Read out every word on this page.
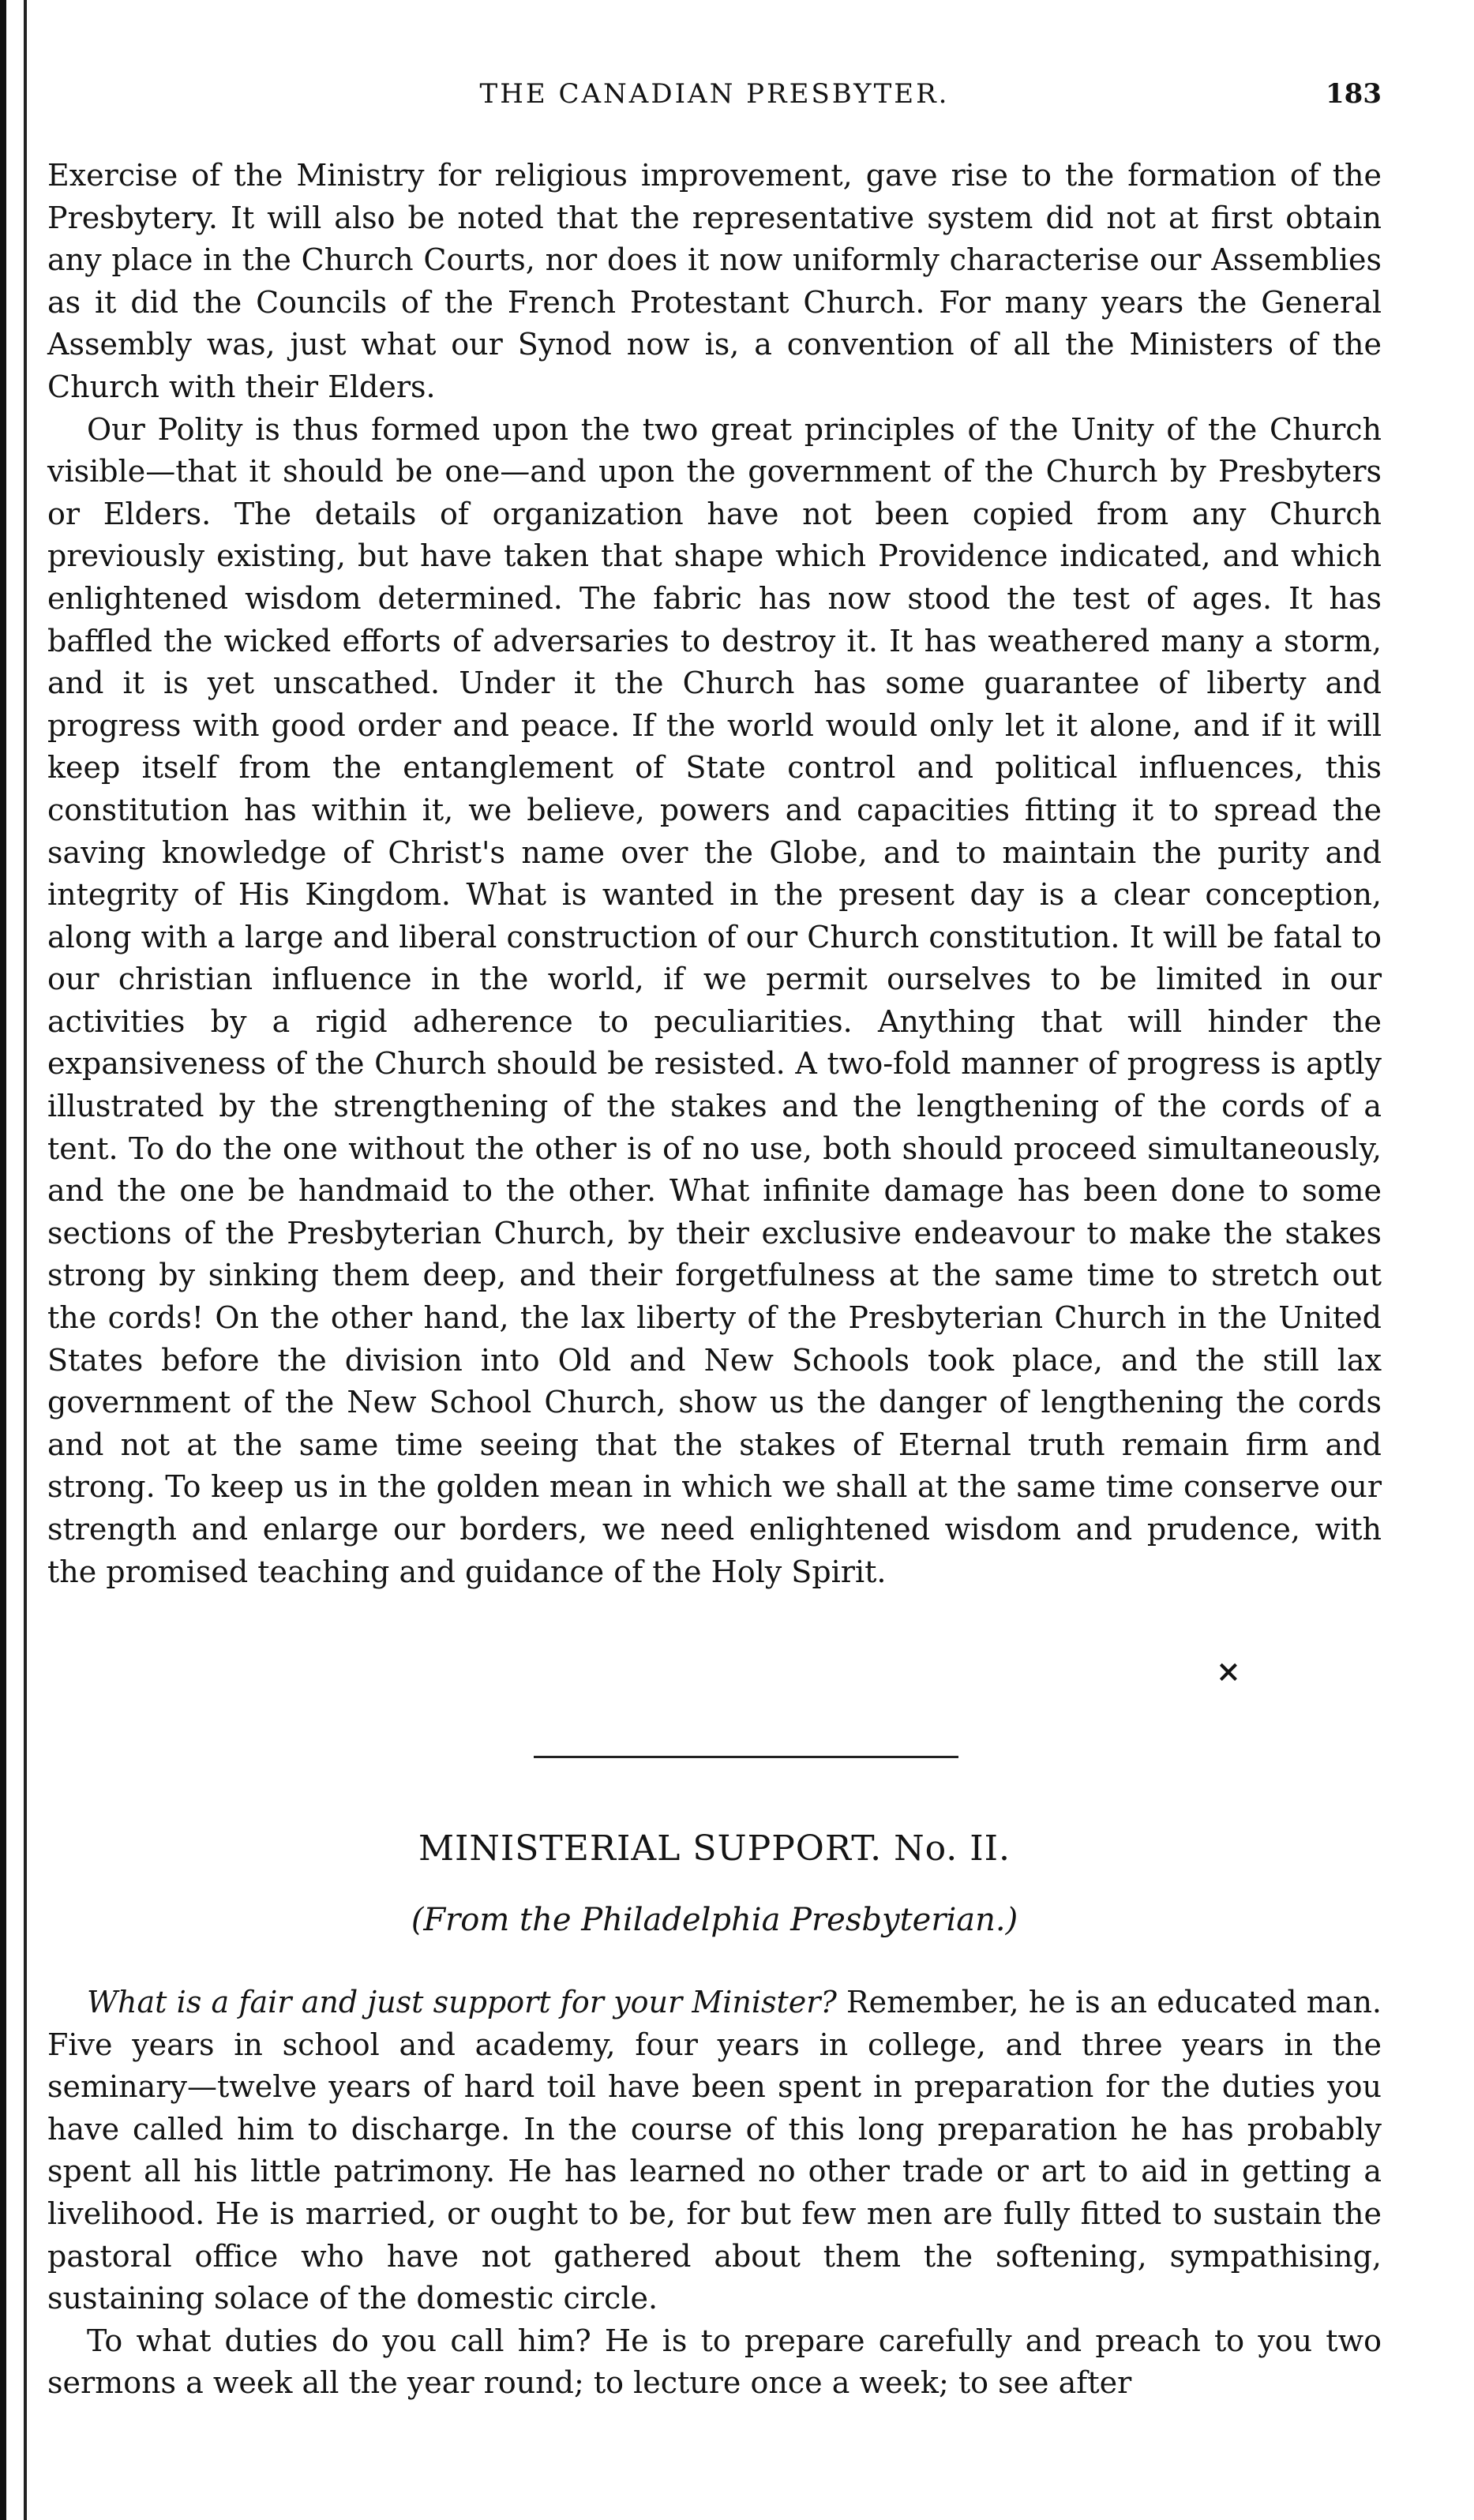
THE CANADIAN PRESBYTER.	183

Exercise of the Ministry for religious improvement, gave rise to the formation of the Presbytery. It will also be noted that the representative system did not at first obtain any place in the Church Courts, nor does it now uniformly characterise our Assemblies as it did the Councils of the French Protestant Church. For many years the General Assembly was, just what our Synod now is, a convention of all the Ministers of the Church with their Elders.

Our Polity is thus formed upon the two great principles of the Unity of the Church visible—that it should be one—and upon the government of the Church by Presbyters or Elders. The details of organization have not been copied from any Church previously existing, but have taken that shape which Providence indicated, and which enlightened wisdom determined. The fabric has now stood the test of ages. It has baffled the wicked efforts of adversaries to destroy it. It has weathered many a storm, and it is yet unscathed. Under it the Church has some guarantee of liberty and progress with good order and peace. If the world would only let it alone, and if it will keep itself from the entanglement of State control and political influences, this constitution has within it, we believe, powers and capacities fitting it to spread the saving knowledge of Christ's name over the Globe, and to maintain the purity and integrity of His Kingdom. What is wanted in the present day is a clear conception, along with a large and liberal construction of our Church constitution. It will be fatal to our christian influence in the world, if we permit ourselves to be limited in our activities by a rigid adherence to peculiarities. Anything that will hinder the expansiveness of the Church should be resisted. A two-fold manner of progress is aptly illustrated by the strengthening of the stakes and the lengthening of the cords of a tent. To do the one without the other is of no use, both should proceed simultaneously, and the one be handmaid to the other. What infinite damage has been done to some sections of the Presbyterian Church, by their exclusive endeavour to make the stakes strong by sinking them deep, and their forgetfulness at the same time to stretch out the cords! On the other hand, the lax liberty of the Presbyterian Church in the United States before the division into Old and New Schools took place, and the still lax government of the New School Church, show us the danger of lengthening the cords and not at the same time seeing that the stakes of Eternal truth remain firm and strong. To keep us in the golden mean in which we shall at the same time conserve our strength and enlarge our borders, we need enlightened wisdom and prudence, with the promised teaching and guidance of the Holy Spirit.

×
MINISTERIAL SUPPORT. No. II.
(From the Philadelphia Presbyterian.)

What is a fair and just support for your Minister? Remember, he is an educated man. Five years in school and academy, four years in college, and three years in the seminary—twelve years of hard toil have been spent in preparation for the duties you have called him to discharge. In the course of this long preparation he has probably spent all his little patrimony. He has learned no other trade or art to aid in getting a livelihood. He is married, or ought to be, for but few men are fully fitted to sustain the pastoral office who have not gathered about them the softening, sympathising, sustaining solace of the domestic circle.

To what duties do you call him? He is to prepare carefully and preach to you two sermons a week all the year round; to lecture once a week; to see after
